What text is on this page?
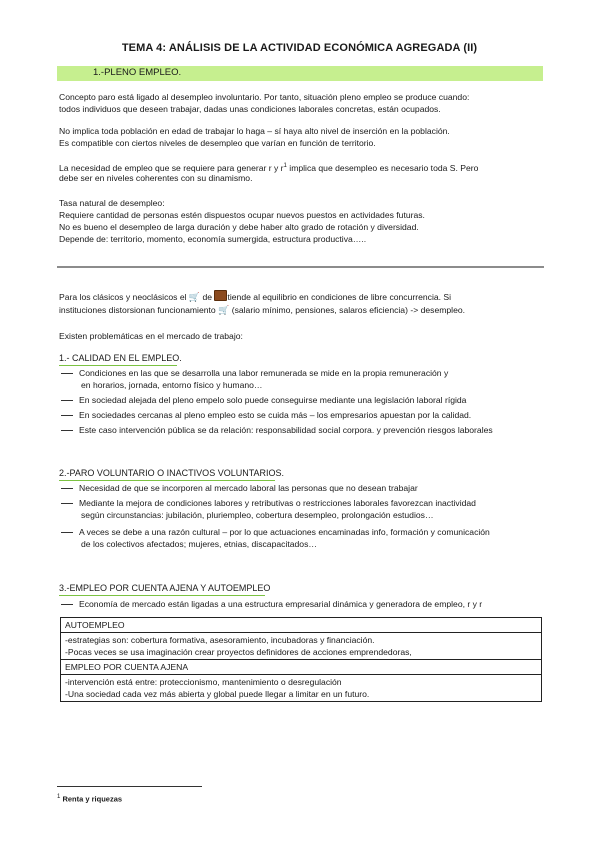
TEMA 4: ANÁLISIS DE LA ACTIVIDAD ECONÓMICA AGREGADA (II)
1.-PLENO EMPLEO.
Concepto paro está ligado al desempleo involuntario. Por tanto, situación pleno empleo se produce cuando:
todos individuos que deseen trabajar, dadas unas condiciones laborales concretas, están ocupados.
No implica toda población en edad de trabajar lo haga – sí haya alto nivel de inserción en la población.
Es compatible con ciertos niveles de desempleo que varían en función de territorio.
La necesidad de empleo que se requiere para generar r y $r^1$ implica que desempleo es necesario toda S. Pero
debe ser en niveles coherentes con su dinamismo.
Tasa natural de desempleo:
Requiere cantidad de personas estén dispuestos ocupar nuevos puestos en actividades futuras.
No es bueno el desempleo de larga duración y debe haber alto grado de rotación y diversidad.
Depende de: territorio, momento, economía sumergida, estructura productiva…..
Para los clásicos y neoclásicos el 🛒 de tiende al equilibrio en condiciones de libre concurrencia. Si
instituciones distorsionan funcionamiento 🛒 (salario mínimo, pensiones, salaros eficiencia) -> desempleo.
Existen problemáticas en el mercado de trabajo:
1.- CALIDAD EN EL EMPLEO.
Condiciones en las que se desarrolla una labor remunerada se mide en la propia remuneración y
en horarios, jornada, entorno físico y humano…
En sociedad alejada del pleno empelo solo puede conseguirse mediante una legislación laboral rígida
En sociedades cercanas al pleno empleo esto se cuida más – los empresarios apuestan por la calidad.
Este caso intervención pública se da relación: responsabilidad social corpora. y prevención riesgos laborales
2.-PARO VOLUNTARIO O INACTIVOS VOLUNTARIOS.
Necesidad de que se incorporen al mercado laboral las personas que no desean trabajar
Mediante la mejora de condiciones labores y retributivas o restricciones laborales favorezcan inactividad
según circunstancias: jubilación, pluriempleo, cobertura desempleo, prolongación estudios…
A veces se debe a una razón cultural – por lo que actuaciones encaminadas info, formación y comunicación
de los colectivos afectados; mujeres, etnias, discapacitados…
3.-EMPLEO POR CUENTA AJENA Y AUTOEMPLEO
Economía de mercado están ligadas a una estructura empresarial dinámica y generadora de empleo, r y r
AUTOEMPLEO

-estrategias son: cobertura formativa, asesoramiento, incubadoras y financiación.
-Pocas veces se usa imaginación crear proyectos definidores de acciones emprendedoras,

EMPLEO POR CUENTA AJENA

-intervención está entre: proteccionismo, mantenimiento o desregulación
-Una sociedad cada vez más abierta y global puede llegar a limitar en un futuro.
$^1$ Renta y riquezas
